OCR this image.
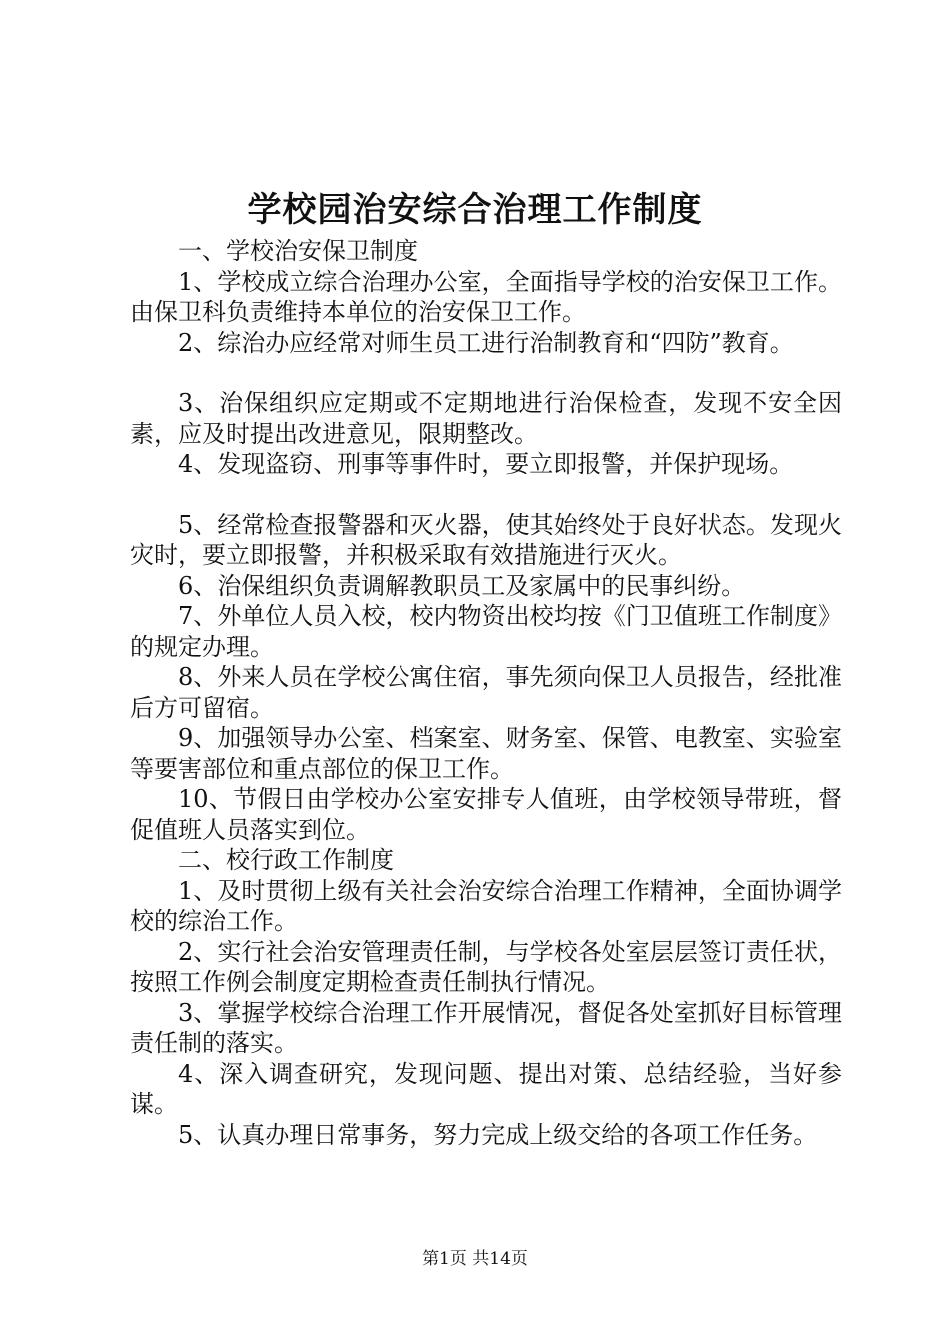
学校园治安综合治理工作制度

一、学校治安保卫制度

1、学校成立综合治理办公室，全面指导学校的治安保卫工作。由保卫科负责维持本单位的治安保卫工作。

2、综治办应经常对师生员工进行治制教育和“四防”教育。

3、治保组织应定期或不定期地进行治保检查，发现不安全因素，应及时提出改进意见，限期整改。

4、发现盗窃、刑事等事件时，要立即报警，并保护现场。

5、经常检查报警器和灭火器，使其始终处于良好状态。发现火灾时，要立即报警，并积极采取有效措施进行灭火。

6、治保组织负责调解教职员工及家属中的民事纠纷。

7、外单位人员入校，校内物资出校均按《门卫值班工作制度》的规定办理。

8、外来人员在学校公寓住宿，事先须向保卫人员报告，经批准后方可留宿。

9、加强领导办公室、档案室、财务室、保管、电教室、实验室等要害部位和重点部位的保卫工作。

10、节假日由学校办公室安排专人值班，由学校领导带班，督促值班人员落实到位。

二、校行政工作制度

1、及时贯彻上级有关社会治安综合治理工作精神，全面协调学校的综治工作。

2、实行社会治安管理责任制，与学校各处室层层签订责任状，按照工作例会制度定期检查责任制执行情况。

3、掌握学校综合治理工作开展情况，督促各处室抓好目标管理责任制的落实。

4、深入调查研究，发现问题、提出对策、总结经验，当好参谋。

5、认真办理日常事务，努力完成上级交给的各项工作任务。

第1页 共14页
